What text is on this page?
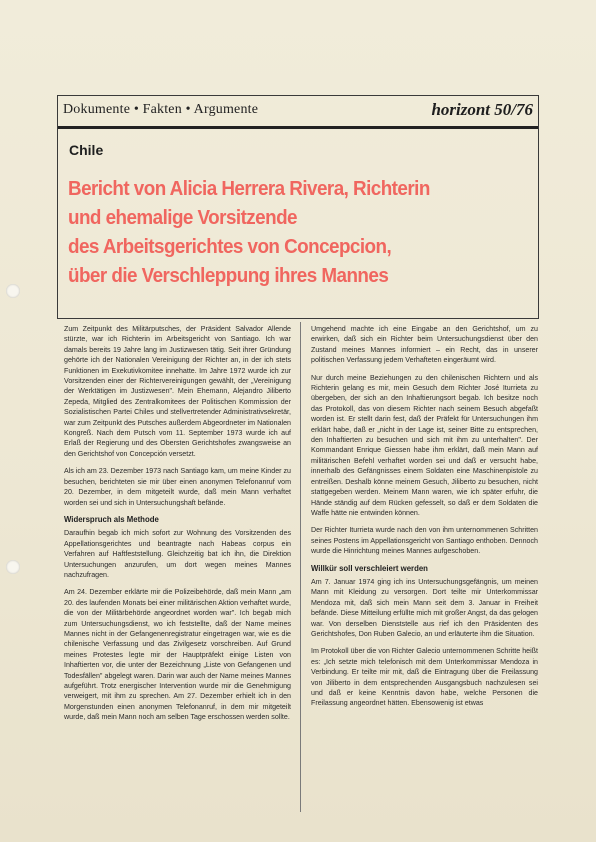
Dokumente • Fakten • Argumente	horizont 50/76
Chile
Bericht von Alicia Herrera Rivera, Richterin
und ehemalige Vorsitzende
des Arbeitsgerichtes von Concepcion,
über die Verschleppung ihres Mannes

Zum Zeitpunkt des Militärputsches, der Präsident Salvador Allende stürzte, war ich Richterin im Arbeitsgericht von Santiago. Ich war damals bereits 19 Jahre lang im Justizwesen tätig. Seit ihrer Gründung gehörte ich der Nationalen Vereinigung der Richter an, in der ich stets Funktionen im Exekutivkomitee innehatte. Im Jahre 1972 wurde ich zur Vorsitzenden einer der Richtervereinigungen gewählt, der „Vereinigung der Werktätigen im Justizwesen". Mein Ehemann, Alejandro Jiliberto Zepeda, Mitglied des Zentralkomitees der Politischen Kommission der Sozialistischen Partei Chiles und stellvertretender Administrativsekretär, war zum Zeitpunkt des Putsches außerdem Abgeordneter im Nationalen Kongreß. Nach dem Putsch vom 11. September 1973 wurde ich auf Erlaß der Regierung und des Obersten Gerichtshofes zwangsweise an den Gerichtshof von Concepción versetzt.

Als ich am 23. Dezember 1973 nach Santiago kam, um meine Kinder zu besuchen, berichteten sie mir über einen anonymen Telefonanruf vom 20. Dezember, in dem mitgeteilt wurde, daß mein Mann verhaftet worden sei und sich in Untersuchungshaft befände.

Widerspruch als Methode

Daraufhin begab ich mich sofort zur Wohnung des Vorsitzenden des Appellationsgerichtes und beantragte nach Habeas corpus ein Verfahren auf Haftfeststellung. Gleichzeitig bat ich ihn, die Direktion Untersuchungen anzurufen, um dort wegen meines Mannes nachzufragen.

Am 24. Dezember erklärte mir die Polizeibehörde, daß mein Mann „am 20. des laufenden Monats bei einer militärischen Aktion verhaftet wurde, die von der Militärbehörde angeordnet worden war". Ich begab mich zum Untersuchungsdienst, wo ich feststellte, daß der Name meines Mannes nicht in der Gefangenenregistratur eingetragen war, wie es die chilenische Verfassung und das Zivilgesetz vorschreiben. Auf Grund meines Protestes legte mir der Hauptpräfekt einige Listen von Inhaftierten vor, die unter der Bezeichnung „Liste von Gefangenen und Todesfällen" abgelegt waren. Darin war auch der Name meines Mannes aufgeführt. Trotz energischer Intervention wurde mir die Genehmigung verweigert, mit ihm zu sprechen. Am 27. Dezember erhielt ich in den Morgenstunden einen anonymen Telefonanruf, in dem mir mitgeteilt wurde, daß mein Mann noch am selben Tage erschossen werden sollte.

Umgehend machte ich eine Eingabe an den Gerichtshof, um zu erwirken, daß sich ein Richter beim Untersuchungsdienst über den Zustand meines Mannes informiert – ein Recht, das in unserer politischen Verfassung jedem Verhafteten eingeräumt wird.

Nur durch meine Beziehungen zu den chilenischen Richtern und als Richterin gelang es mir, mein Gesuch dem Richter José Iturrieta zu übergeben, der sich an den Inhaftierungsort begab. Ich besitze noch das Protokoll, das von diesem Richter nach seinem Besuch abgefaßt worden ist. Er stellt darin fest, daß der Präfekt für Untersuchungen ihm erklärt habe, daß er „nicht in der Lage ist, seiner Bitte zu entsprechen, den Inhaftierten zu besuchen und sich mit ihm zu unterhalten". Der Kommandant Enrique Giessen habe ihm erklärt, daß mein Mann auf militärischen Befehl verhaftet worden sei und daß er versucht habe, innerhalb des Gefängnisses einem Soldaten eine Maschinenpistole zu entreißen. Deshalb könne meinem Gesuch, Jiliberto zu besuchen, nicht stattgegeben werden. Meinem Mann waren, wie ich später erfuhr, die Hände ständig auf dem Rücken gefesselt, so daß er dem Soldaten die Waffe hätte nie entwinden können.

Der Richter Iturrieta wurde nach den von ihm unternommenen Schritten seines Postens im Appellationsgericht von Santiago enthoben. Dennoch wurde die Hinrichtung meines Mannes aufgeschoben.

Willkür soll verschleiert werden

Am 7. Januar 1974 ging ich ins Untersuchungsgefängnis, um meinen Mann mit Kleidung zu versorgen. Dort teilte mir Unterkommissar Mendoza mit, daß sich mein Mann seit dem 3. Januar in Freiheit befände. Diese Mitteilung erfüllte mich mit großer Angst, da das gelogen war. Von derselben Dienststelle aus rief ich den Präsidenten des Gerichtshofes, Don Ruben Galecio, an und erläuterte ihm die Situation.

Im Protokoll über die von Richter Galecio unternommenen Schritte heißt es: „Ich setzte mich telefonisch mit dem Unterkommissar Mendoza in Verbindung. Er teilte mir mit, daß die Eintragung über die Freilassung von Jiliberto in dem entsprechenden Ausgangsbuch nachzulesen sei und daß er keine Kenntnis davon habe, welche Personen die Freilassung angeordnet hätten. Ebensowenig ist etwas
